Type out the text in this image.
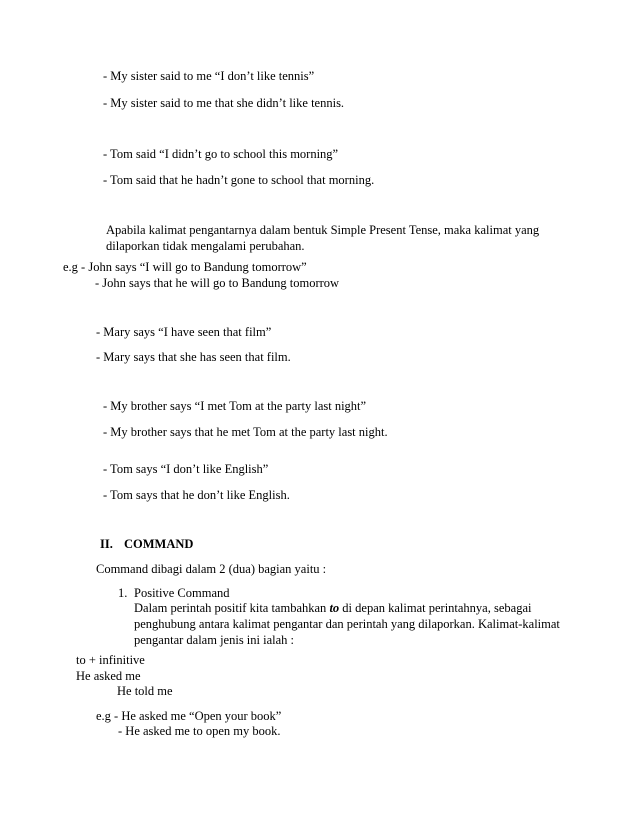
- My sister said to me “I don’t like tennis”
- My sister said to me that she didn’t like tennis.
- Tom said “I didn’t go to school this morning”
- Tom said that he hadn’t gone to school that morning.
Apabila kalimat pengantarnya dalam bentuk Simple Present Tense, maka kalimat yang
dilaporkan tidak mengalami perubahan.
e.g - John says “I will go to Bandung tomorrow”
- John says that he will go to Bandung tomorrow
- Mary says “I have seen that film”
- Mary says that she has seen that film.
- My brother says “I met Tom at the party last night”
- My brother says that he met Tom at the party last night.
- Tom says “I don’t like English”
- Tom says that he don’t like English.
II. COMMAND
Command dibagi dalam 2 (dua) bagian yaitu :
1. Positive Command
Dalam perintah positif kita tambahkan to di depan kalimat perintahnya, sebagai
penghubung antara kalimat pengantar dan perintah yang dilaporkan. Kalimat-kalimat
pengantar dalam jenis ini ialah :
to + infinitive
He asked me
He told me
e.g - He asked me “Open your book”
- He asked me to open my book.
